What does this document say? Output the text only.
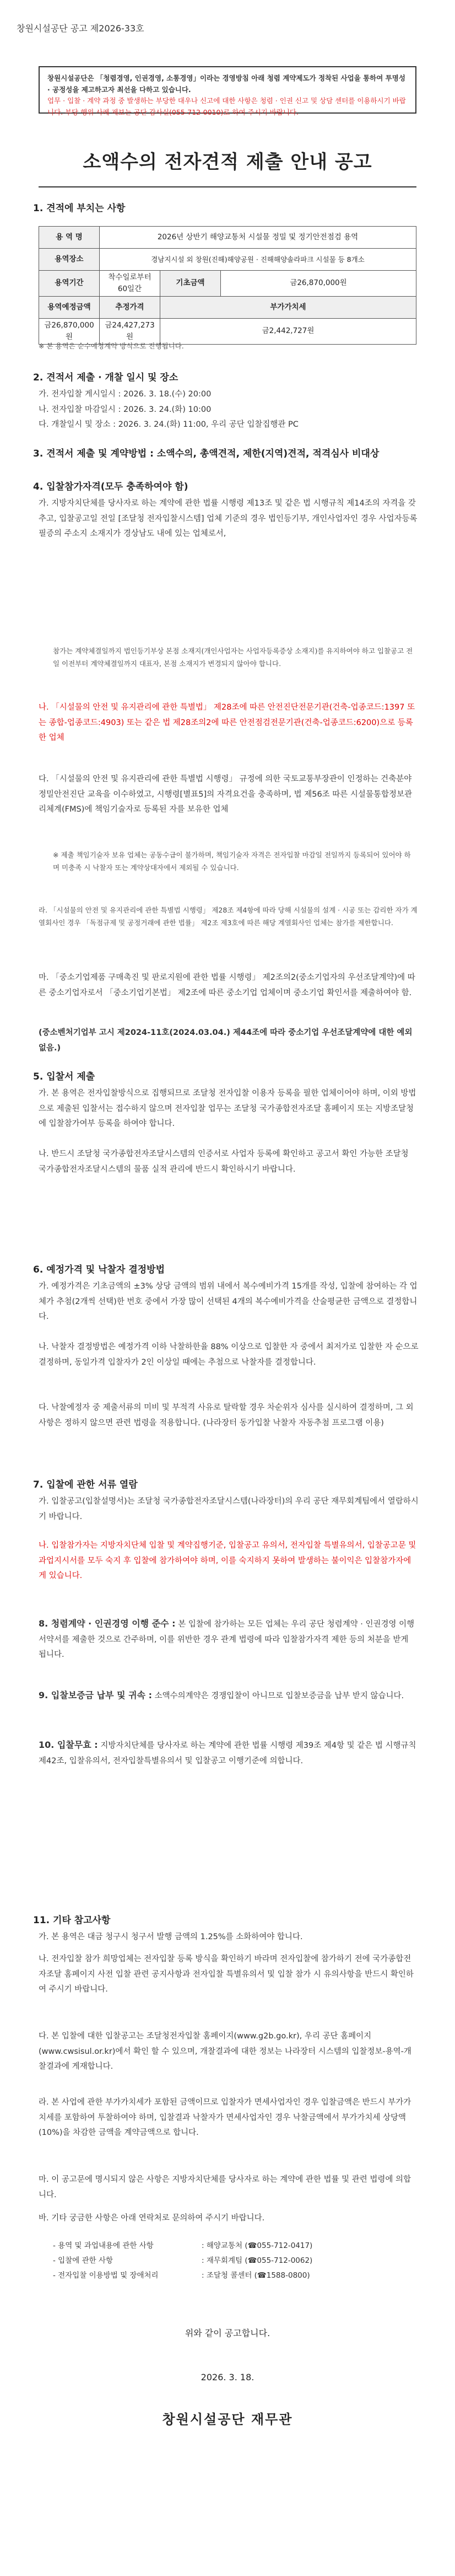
창원시설공단 공고 제2026-33호
창원시설공단은 「청렴경영, 인권경영, 소통경영」이라는 경영방침 아래 청렴 계약제도가 정착된 사업을 통하여 투명성 · 공정성을 제고하고자 최선을 다하고 있습니다.
업무 · 입찰 · 계약 과정 중 발생하는 부당한 대우나 신고에 대한 사항은 청렴 · 인권 신고 및 상담 센터를 이용하시기 바랍니다. 부당 행위 사례 제보는 공단 감사실(055-712-0010)로 하여 주시기 바랍니다.
소액수의 전자견적 제출 안내 공고
1. 견적에 부치는 사항
용 역 명	2026년 상반기 해양교통처 시설물 정밀 및 정기안전점검 용역		
용역장소	경남지시설 외 창원(진해)해양공원 · 진해해양솔라파크 시설물 등 8개소		
용역기간	착수일로부터 60일간	기초금액	금26,870,000원
용역예정금액	추정가격	부가가치세	
금26,870,000원	금24,427,273원	금2,442,727원	
※ 본 용역은 순수예정계약 방식으로 진행됩니다.
2. 견적서 제출 · 개찰 일시 및 장소
가. 전자입찰 게시일시 : 2026. 3. 18.(수) 20:00
나. 전자입찰 마감일시 : 2026. 3. 24.(화) 10:00
다. 개찰일시 및 장소 : 2026. 3. 24.(화) 11:00, 우리 공단 입찰집행관 PC
3. 견적서 제출 및 계약방법 : 소액수의, 총액견적, 제한(지역)견적, 적격심사 비대상
4. 입찰참가자격(모두 충족하여야 함)
가. 지방자치단체를 당사자로 하는 계약에 관한 법률 시행령 제13조 및 같은 법 시행규칙 제14조의 자격을 갖추고, 입찰공고일 전일 [조달청 전자입찰시스템] 업체 기준의 경우 법인등기부, 개인사업자인 경우 사업자등록필증의 주소지 소재지가 경상남도 내에 있는 업체로서,
참가는 계약체결일까지 법인등기부상 본점 소재지(개인사업자는 사업자등록증상 소재지)를 유지하여야 하고 입찰공고 전일 이전부터 계약체결일까지 대표자, 본점 소재지가 변경되지 않아야 합니다.
나. 「시설물의 안전 및 유지관리에 관한 특별법」 제28조에 따른 안전진단전문기관(건축-업종코드:1397 또는 종합-업종코드:4903) 또는 같은 법 제28조의2에 따른 안전점검전문기관(건축-업종코드:6200)으로 등록한 업체
다. 「시설물의 안전 및 유지관리에 관한 특별법 시행령」 규정에 의한 국토교통부장관이 인정하는 건축분야 정밀안전진단 교육을 이수하였고, 시행령[별표5]의 자격요건을 충족하며, 법 제56조 따른 시설물통합정보관리체계(FMS)에 책임기술자로 등록된 자를 보유한 업체
※ 제출 책임기술자 보유 업체는 공동수급이 불가하며, 책임기술자 자격은 전자입찰 마감일 전일까지 등록되어 있어야 하며 미충족 시 낙찰자 또는 계약상대자에서 제외될 수 있습니다.
라. 「시설물의 안전 및 유지관리에 관한 특별법 시행령」 제28조 제4항에 따라 당해 시설물의 설계 · 시공 또는 감리한 자가 계열회사인 경우 「독점규제 및 공정거래에 관한 법률」 제2조 제3호에 따른 해당 계열회사인 업체는 참가를 제한합니다.
마. 「중소기업제품 구매촉진 및 판로지원에 관한 법률 시행령」 제2조의2(중소기업자의 우선조달계약)에 따른 중소기업자로서 「중소기업기본법」 제2조에 따른 중소기업 업체이며 중소기업 확인서를 제출하여야 함.
(중소벤처기업부 고시 제2024-11호(2024.03.04.) 제44조에 따라 중소기업 우선조달계약에 대한 예외 없음.)
5. 입찰서 제출
가. 본 용역은 전자입찰방식으로 집행되므로 조달청 전자입찰 이용자 등록을 필한 업체이어야 하며, 이외 방법으로 제출된 입찰서는 접수하지 않으며 전자입찰 업무는 조달청 국가종합전자조달 홈페이지 또는 지방조달청에 입찰참가여부 등록을 하여야 합니다.
나. 반드시 조달청 국가종합전자조달시스템의 인증서로 사업자 등록에 확인하고 공고서 확인 가능한 조달청 국가종합전자조달시스템의 물품 실적 관리에 반드시 확인하시기 바랍니다.
6. 예정가격 및 낙찰자 결정방법
가. 예정가격은 기초금액의 ±3% 상당 금액의 범위 내에서 복수예비가격 15개를 작성, 입찰에 참여하는 각 업체가 추첨(2개씩 선택)한 번호 중에서 가장 많이 선택된 4개의 복수예비가격을 산술평균한 금액으로 결정합니다.
나. 낙찰자 결정방법은 예정가격 이하 낙찰하한율 88% 이상으로 입찰한 자 중에서 최저가로 입찰한 자 순으로 결정하며, 동일가격 입찰자가 2인 이상일 때에는 추첨으로 낙찰자를 결정합니다.
다. 낙찰예정자 중 제출서류의 미비 및 부적격 사유로 탈락할 경우 차순위자 심사를 실시하여 결정하며, 그 외 사항은 정하지 않으면 관련 법령을 적용합니다. (나라장터 동가입찰 낙찰자 자동추첨 프로그램 이용)
7. 입찰에 관한 서류 열람
가. 입찰공고(입찰설명서)는 조달청 국가종합전자조달시스템(나라장터)의 우리 공단 재무회계팀에서 열람하시기 바랍니다.
나. 입찰참가자는 지방자치단체 입찰 및 계약집행기준, 입찰공고 유의서, 전자입찰 특별유의서, 입찰공고문 및 과업지시서를 모두 숙지 후 입찰에 참가하여야 하며, 이를 숙지하지 못하여 발생하는 불이익은 입찰참가자에게 있습니다.
8. 청렴계약 · 인권경영 이행 준수 : 본 입찰에 참가하는 모든 업체는 우리 공단 청렴계약 · 인권경영 이행서약서를 제출한 것으로 간주하며, 이를 위반한 경우 관계 법령에 따라 입찰참가자격 제한 등의 처분을 받게 됩니다.
9. 입찰보증금 납부 및 귀속 : 소액수의계약은 경쟁입찰이 아니므로 입찰보증금을 납부 받지 않습니다.
10. 입찰무효 : 지방자치단체를 당사자로 하는 계약에 관한 법률 시행령 제39조 제4항 및 같은 법 시행규칙 제42조, 입찰유의서, 전자입찰특별유의서 및 입찰공고 이행기준에 의합니다.
11. 기타 참고사항
가. 본 용역은 대금 청구시 청구서 발행 금액의 1.25%를 소화하여야 합니다.
나. 전자입찰 참가 희망업체는 전자입찰 등록 방식을 확인하기 바라며 전자입찰에 참가하기 전에 국가종합전자조달 홈페이지 사전 입찰 관련 공지사항과 전자입찰 특별유의서 및 입찰 참가 시 유의사항을 반드시 확인하여 주시기 바랍니다.
다. 본 입찰에 대한 입찰공고는 조달청전자입찰 홈페이지(www.g2b.go.kr), 우리 공단 홈페이지(www.cwsisul.or.kr)에서 확인 할 수 있으며, 개찰결과에 대한 정보는 나라장터 시스템의 입찰정보-용역-개찰결과에 게재합니다.
라. 본 사업에 관한 부가가치세가 포함된 금액이므로 입찰자가 면세사업자인 경우 입찰금액은 반드시 부가가치세를 포함하여 투찰하여야 하며, 입찰결과 낙찰자가 면세사업자인 경우 낙찰금액에서 부가가치세 상당액(10%)을 차감한 금액을 계약금액으로 합니다.
마. 이 공고문에 명시되지 않은 사항은 지방자치단체를 당사자로 하는 계약에 관한 법률 및 관련 법령에 의합니다.
바. 기타 궁금한 사항은 아래 연락처로 문의하여 주시기 바랍니다.
- 용역 및 과업내용에 관한 사항	: 해양교통처 (☎055-712-0417)
- 입찰에 관한 사항	: 재무회계팀 (☎055-712-0062)
- 전자입찰 이용방법 및 장애처리	: 조달청 콜센터 (☎1588-0800)
위와 같이 공고합니다.
2026. 3. 18.
창원시설공단 재무관
